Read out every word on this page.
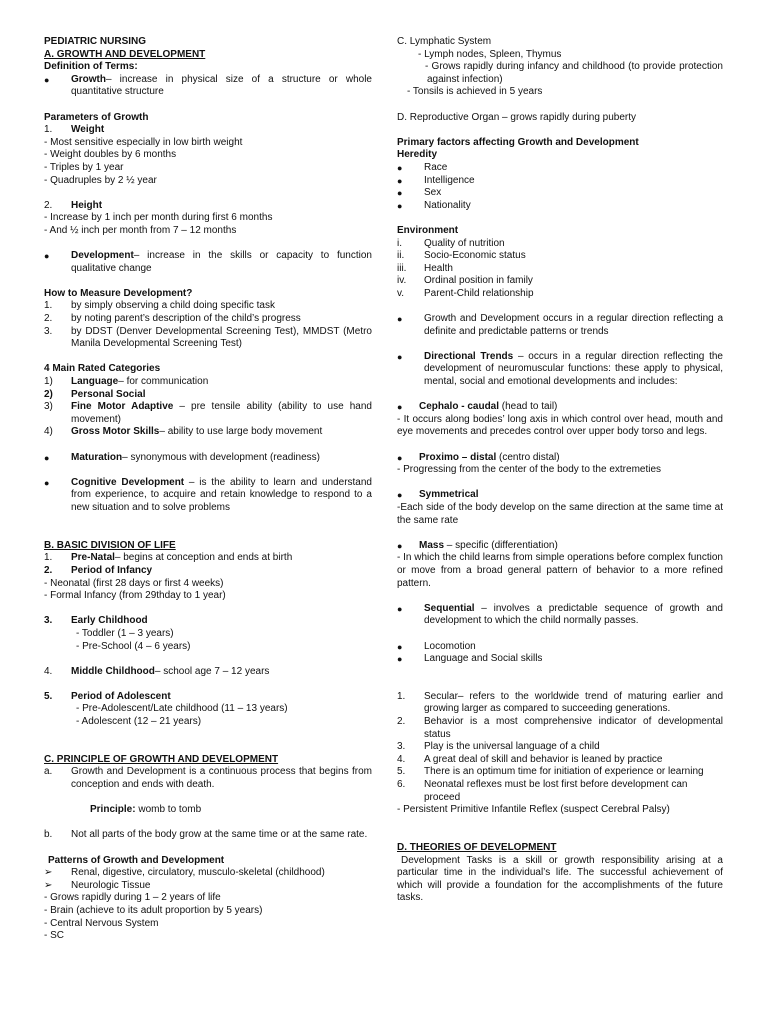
PEDIATRIC NURSING

A. GROWTH AND DEVELOPMENT

Definition of Terms:

●	Growth– increase in physical size of a structure or whole quantitative structure

Parameters of Growth

1.	Weight

- Most sensitive especially in low birth weight

- Weight doubles by 6 months

- Triples by 1 year

- Quadruples by 2 ½ year

2.	Height

- Increase by 1 inch per month during first 6 months

- And ½ inch per month from 7 – 12 months

●	Development– increase in the skills or capacity to function qualitative change

How to Measure Development?

1.	by simply observing a child doing specific task
2.	by noting parent’s description of the child’s progress
3.	by DDST (Denver Developmental Screening Test), MMDST (Metro Manila Developmental Screening Test)

4 Main Rated Categories

1)	Language– for communication
2)	Personal Social
3)	Fine Motor Adaptive – pre tensile ability (ability to use hand movement)
4)	Gross Motor Skills– ability to use large body movement
●	Maturation– synonymous with development (readiness)
●	Cognitive Development – is the ability to learn and understand from experience, to acquire and retain knowledge to respond to a new situation and to solve problems

B. BASIC DIVISION OF LIFE

1.	Pre-Natal– begins at conception and ends at birth
2.	Period of Infancy

- Neonatal (first 28 days or first 4 weeks)

- Formal Infancy (from 29thday to 1 year)

3.	Early Childhood

- Toddler (1 – 3 years)

- Pre-School (4 – 6 years)

4.	Middle Childhood– school age 7 – 12 years
5.	Period of Adolescent

- Pre-Adolescent/Late childhood (11 – 13 years)

- Adolescent (12 – 21 years)

C. PRINCIPLE OF GROWTH AND DEVELOPMENT

a.	Growth and Development is a continuous process that begins from conception and ends with death.

Principle: womb to tomb

b.	Not all parts of the body grow at the same time or at the same rate.

Patterns of Growth and Development

➢	Renal, digestive, circulatory, musculo-skeletal (childhood)
➢	Neurologic Tissue

- Grows rapidly during 1 – 2 years of life

- Brain (achieve to its adult proportion by 5 years)

- Central Nervous System

- SC

C. Lymphatic System

- Lymph nodes, Spleen, Thymus

- Grows rapidly during infancy and childhood (to provide protection against infection)

- Tonsils is achieved in 5 years

D. Reproductive Organ – grows rapidly during puberty

Primary factors affecting Growth and Development

Heredity

●	Race
●	Intelligence
●	Sex
●	Nationality

Environment

i.	Quality of nutrition
ii.	Socio-Economic status
iii.	Health
iv.	Ordinal position in family
v.	Parent-Child relationship
●	Growth and Development occurs in a regular direction reflecting a definite and predictable patterns or trends
●	Directional Trends – occurs in a regular direction reflecting the development of neuromuscular functions: these apply to physical, mental, social and emotional developments and includes:
●	Cephalo - caudal (head to tail)

- It occurs along bodies’ long axis in which control over head, mouth and eye movements and precedes control over upper body torso and legs.

●	Proximo – distal (centro distal)

- Progressing from the center of the body to the extremeties

●	Symmetrical

-Each side of the body develop on the same direction at the same time at the same rate

●	Mass – specific (differentiation)

- In which the child learns from simple operations before complex function or move from a broad general pattern of behavior to a more refined pattern.

●	Sequential – involves a predictable sequence of growth and development to which the child normally passes.
●	Locomotion
●	Language and Social skills
1.	Secular– refers to the worldwide trend of maturing earlier and growing larger as compared to succeeding generations.
2.	Behavior is a most comprehensive indicator of developmental status
3.	Play is the universal language of a child
4.	A great deal of skill and behavior is leaned by practice
5.	There is an optimum time for initiation of experience or learning
6.	Neonatal reflexes must be lost first before development can proceed

- Persistent Primitive Infantile Reflex (suspect Cerebral Palsy)

D. THEORIES OF DEVELOPMENT

Development Tasks is a skill or growth responsibility arising at a particular time in the individual’s life. The successful achievement of which will provide a foundation for the accomplishments of the future tasks.
